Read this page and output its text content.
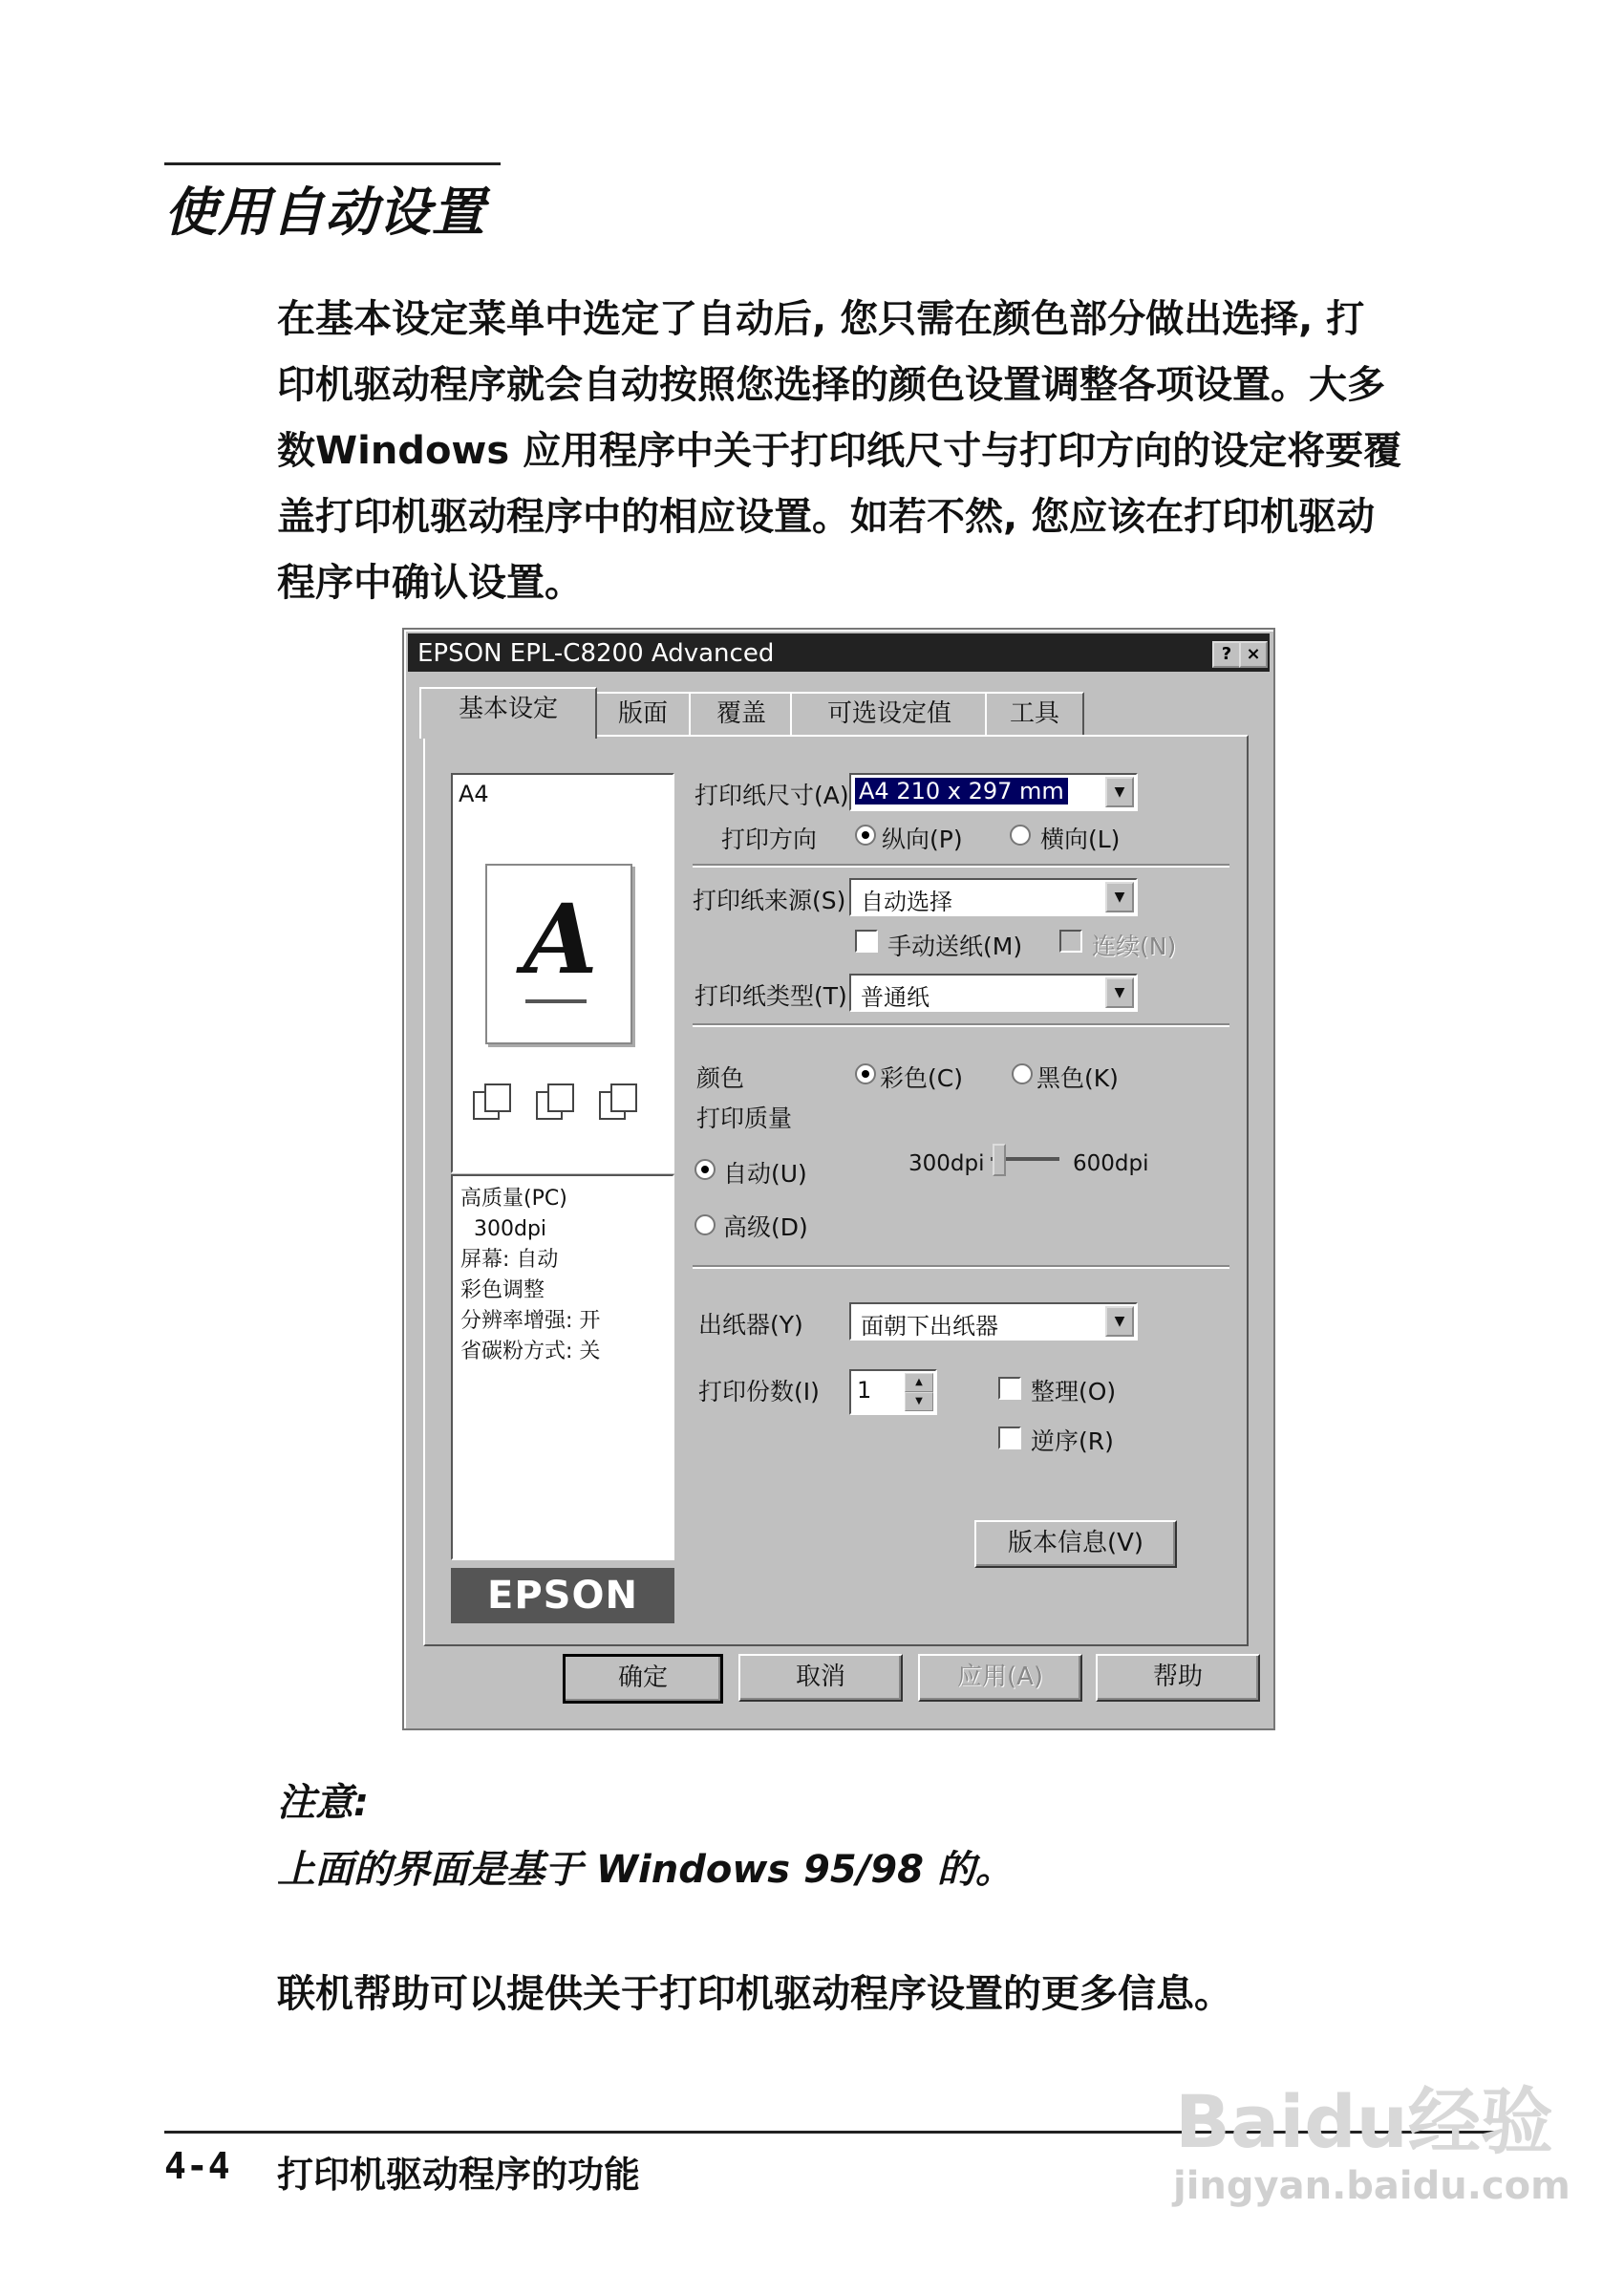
使用自动设置
在基本设定菜单中选定了自动后, 您只需在颜色部分做出选择, 打
印机驱动程序就会自动按照您选择的颜色设置调整各项设置。大多
数Windows 应用程序中关于打印纸尺寸与打印方向的设定将要覆
盖打印机驱动程序中的相应设置。如若不然, 您应该在打印机驱动
程序中确认设置。
EPSON EPL-C8200 Advanced	? ×
基本设定	版面	覆盖	可选设定值	工具
A4
A
高质量(PC)
300dpi
屏幕: 自动
彩色调整
分辨率增强: 开
省碳粉方式: 关
EPSON
打印纸尺寸(A) A4 210 x 297 mm	▼
打印方向	纵向(P)	横向(L)
打印纸来源(S) 自动选择	▼
手动送纸(M)	连续(N)
打印纸类型(T) 普通纸	▼
颜色	彩色(C)	黑色(K)
打印质量
自动(U)	300dpi	600dpi
高级(D)
出纸器(Y)	面朝下出纸器	▼
打印份数(I) 1	▲
▼	整理(O)
逆序(R)
版本信息(V)
确定	取消	应用(A)	帮助
注意:
上面的界面是基于 Windows 95/98 的。
联机帮助可以提供关于打印机驱动程序设置的更多信息。
4-4 打印机驱动程序的功能
Baidu经验
jingyan.baidu.com
